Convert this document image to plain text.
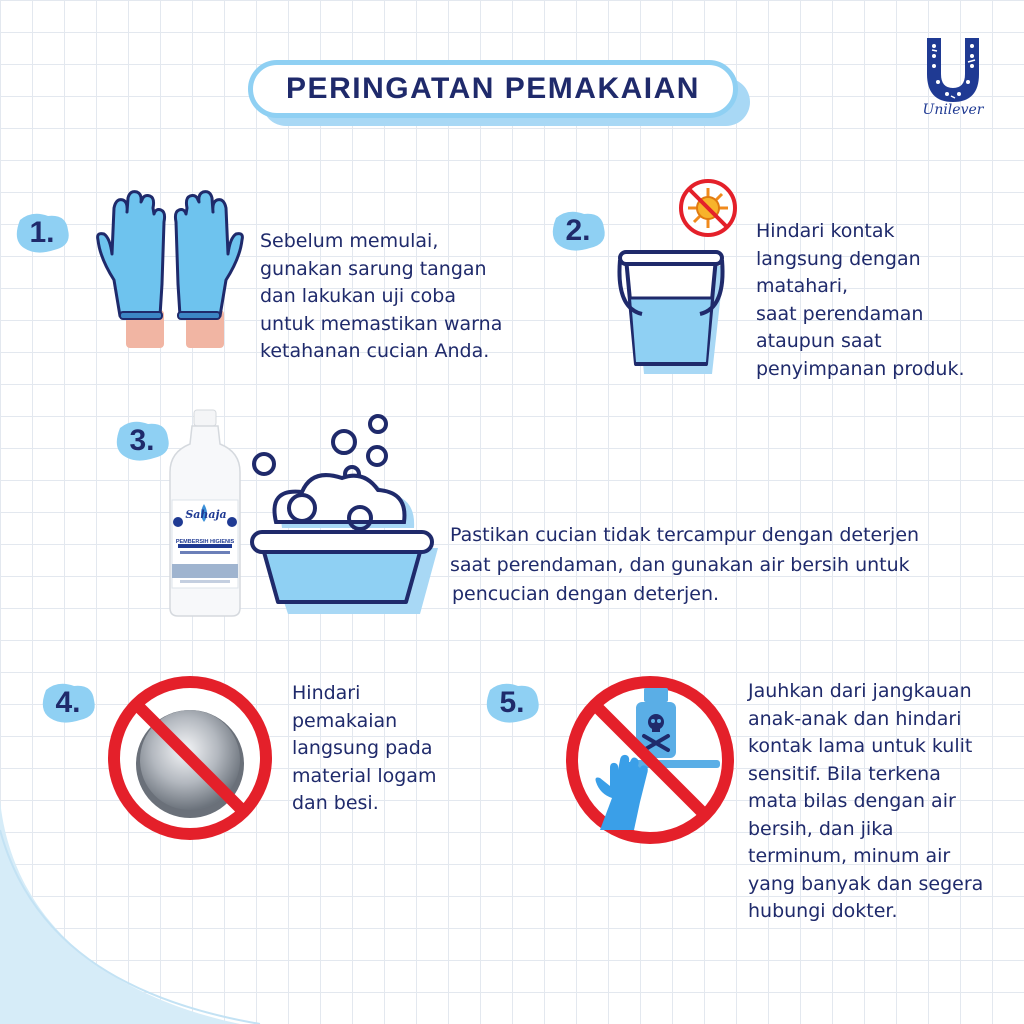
PERINGATAN PEMAKAIAN
Unilever
1.	Sebelum memulai,
gunakan sarung tangan
dan lakukan uji coba
untuk memastikan warna
ketahanan cucian Anda.
2.	Hindari kontak
langsung dengan
matahari,
saat perendaman
ataupun saat
penyimpanan produk.
3.
Sahaja
PEMBERSIH HIGIENIS	Pastikan cucian tidak tercampur dengan deterjen
saat perendaman, dan gunakan air bersih untuk
pencucian dengan deterjen.
4.	Hindari
pemakaian
langsung pada
material logam
dan besi.
5.	Jauhkan dari jangkauan
anak-anak dan hindari
kontak lama untuk kulit
sensitif. Bila terkena
mata bilas dengan air
bersih, dan jika
terminum, minum air
yang banyak dan segera
hubungi dokter.
